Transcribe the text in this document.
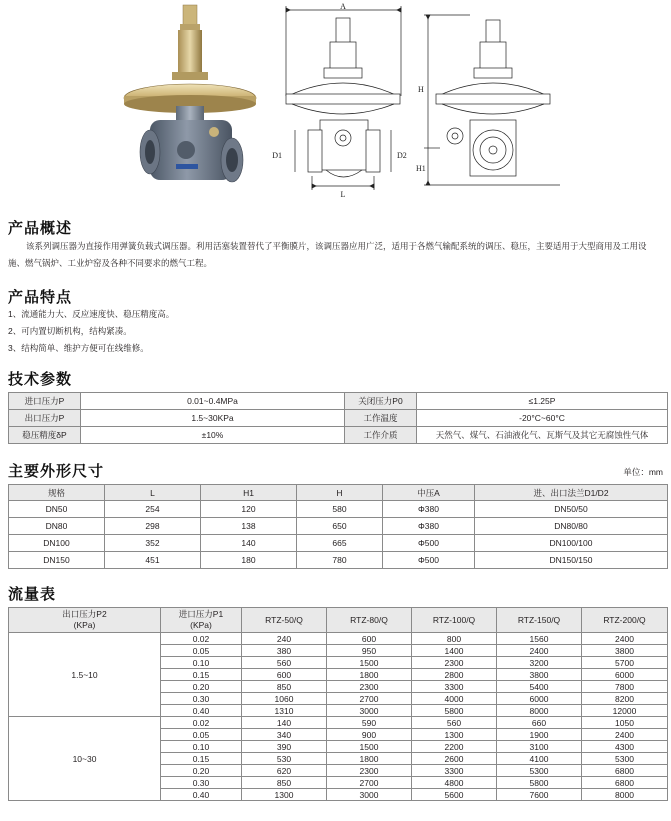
A
D1	D2
L
H
H1
产品概述
该系列调压器为直接作用弹簧负载式调压器。利用活塞装置替代了平衡膜片，该调压器应用广泛，适用于各燃气输配系统的调压、稳压，主要适用于大型商用及工用设施、燃气锅炉、工业炉窑及各种不同要求的燃气工程。
产品特点
1、流通能力大、反应速度快、稳压精度高。
2、可内置切断机构，结构紧凑。
3、结构简单、维护方便可在线维修。
技术参数
进口压力P	0.01~0.4MPa	关闭压力P0	≤1.25P
出口压力P	1.5~30KPa	工作温度	-20°C~60°C
稳压精度δP	±10%	工作介质	天然气、煤气、石油液化气、瓦斯气及其它无腐蚀性气体
主要外形尺寸	单位：mm
规格	L	H1	H	中压A	进、出口法兰D1/D2
DN50	254	120	580	Φ380	DN50/50
DN80	298	138	650	Φ380	DN80/80
DN100	352	140	665	Φ500	DN100/100
DN150	451	180	780	Φ500	DN150/150
流量表
出口压力P2
(KPa)	进口压力P1
(KPa)	RTZ-50/Q	RTZ-80/Q	RTZ-100/Q	RTZ-150/Q	RTZ-200/Q
1.5~10	0.02	240	600	800	1560	2400
	0.05	380	950	1400	2400	3800
	0.10	560	1500	2300	3200	5700
	0.15	600	1800	2800	3800	6000
	0.20	850	2300	3300	5400	7800
	0.30	1060	2700	4000	6000	8200
	0.40	1310	3000	5800	8000	12000
10~30	0.02	140	590	560	660	1050
	0.05	340	900	1300	1900	2400
	0.10	390	1500	2200	3100	4300
	0.15	530	1800	2600	4100	5300
	0.20	620	2300	3300	5300	6800
	0.30	850	2700	4800	5800	6800
	0.40	1300	3000	5600	7600	8000
